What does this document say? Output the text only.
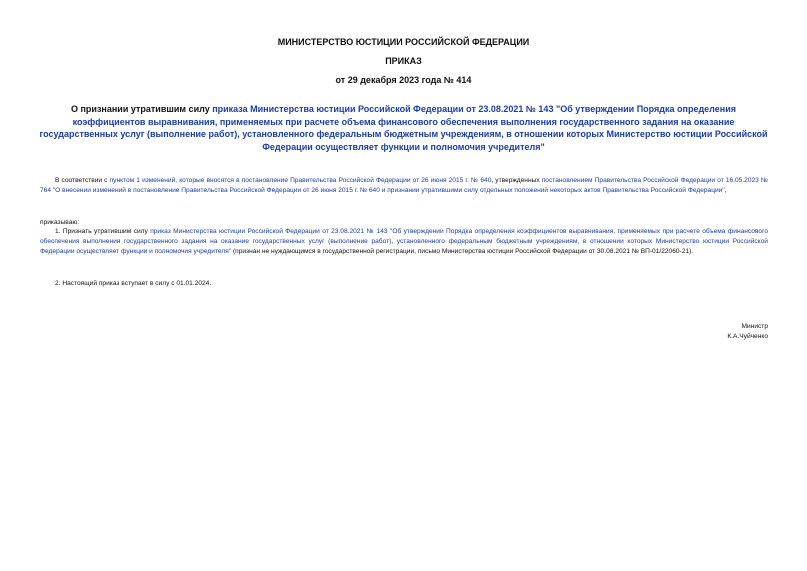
МИНИСТЕРСТВО ЮСТИЦИИ РОССИЙСКОЙ ФЕДЕРАЦИИ
ПРИКАЗ
от 29 декабря 2023 года № 414
О признании утратившим силу приказа Министерства юстиции Российской Федерации от 23.08.2021 № 143 "Об утверждении Порядка определения коэффициентов выравнивания, применяемых при расчете объема финансового обеспечения выполнения государственного задания на оказание государственных услуг (выполнение работ), установленного федеральным бюджетным учреждениям, в отношении которых Министерство юстиции Российской Федерации осуществляет функции и полномочия учредителя"
В соответствии с пунктом 1 изменений, которые вносятся в постановление Правительства Российской Федерации от 26 июня 2015 г. № 640, утвержденных постановлением Правительства Российской Федерации от 16.05.2023 № 764 "О внесении изменений в постановление Правительства Российской Федерации от 26 июня 2015 г. № 640 и признании утратившими силу отдельных положений некоторых актов Правительства Российской Федерации",
приказываю:
1. Признать утратившим силу приказ Министерства юстиции Российской Федерации от 23.08.2021 № 143 "Об утверждении Порядка определения коэффициентов выравнивания, применяемых при расчете объема финансового обеспечения выполнения государственного задания на оказание государственных услуг (выполнение работ), установленного федеральным бюджетным учреждениям, в отношении которых Министерство юстиции Российской Федерации осуществляет функции и полномочия учредителя" (признан не нуждающимся в государственной регистрации, письмо Министерства юстиции Российской Федерации от 30.08.2021 № ВП-01/22060-21).
2. Настоящий приказ вступает в силу с 01.01.2024.
Министр
К.А.Чуйченко
